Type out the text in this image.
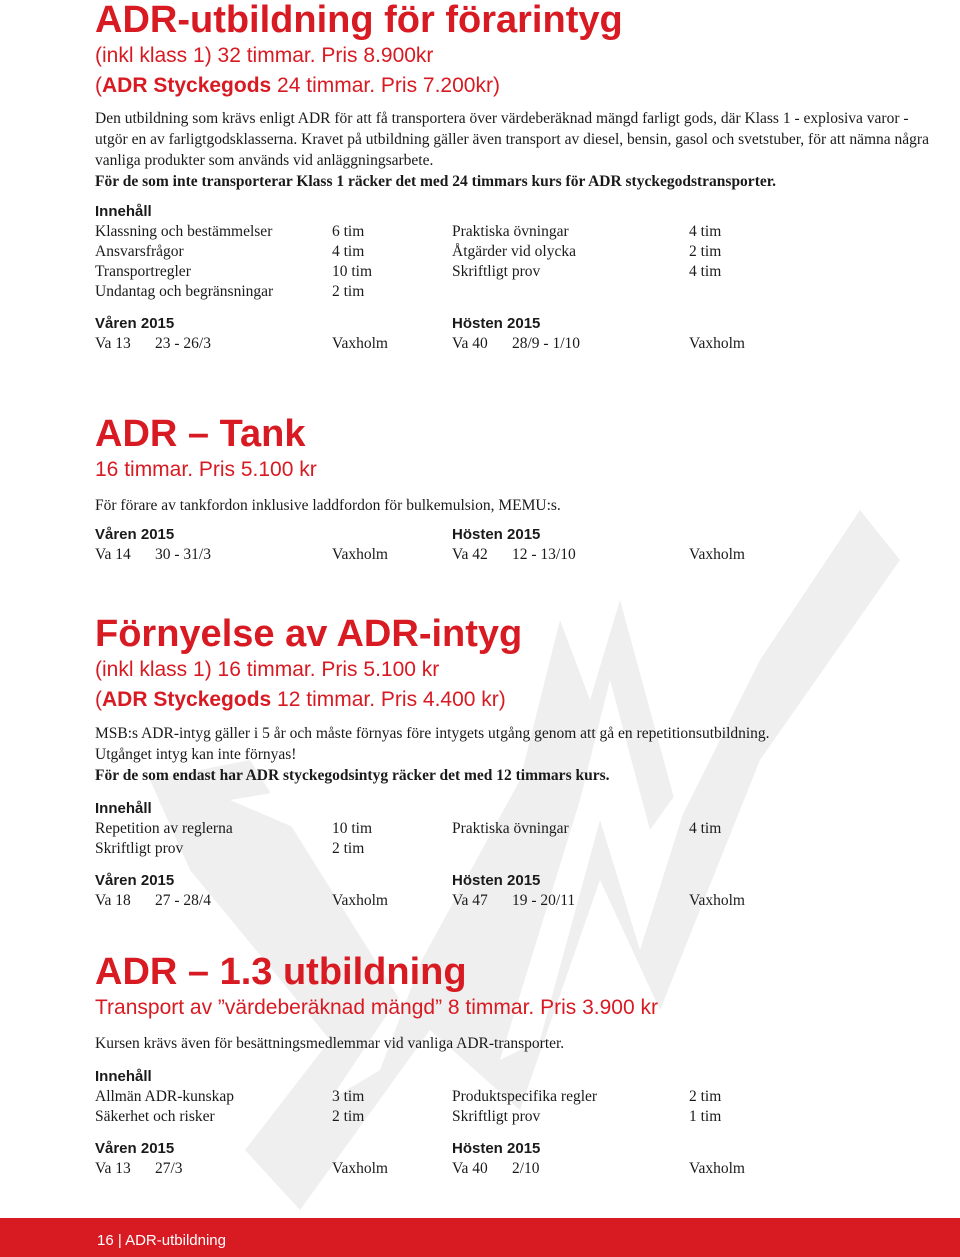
ADR-utbildning för förarintyg

(inkl klass 1) 32 timmar. Pris 8.900kr

(ADR Styckegods 24 timmar. Pris 7.200kr)

Den utbildning som krävs enligt ADR för att få transportera över värdeberäknad mängd farligt gods, där Klass 1 - explosiva varor - utgör en av farligtgodsklasserna. Kravet på utbildning gäller även transport av diesel, bensin, gasol och svetstuber, för att nämna några vanliga produkter som används vid anläggningsarbete.

För de som inte transporterar Klass 1 räcker det med 24 timmars kurs för ADR styckegodstransporter.

Innehåll

Klassning och bestämmelser	6 tim	Praktiska övningar	4 tim
Ansvarsfrågor	4 tim	Åtgärder vid olycka	2 tim
Transportregler	10 tim	Skriftligt prov	4 tim
Undantag och begränsningar	2 tim
Våren 2015	Hösten 2015
Va 13	23 - 26/3	Vaxholm	Va 40	28/9 - 1/10	Vaxholm
ADR – Tank

16 timmar. Pris 5.100 kr

För förare av tankfordon inklusive laddfordon för bulkemulsion, MEMU:s.

Våren 2015	Hösten 2015
Va 14	30 - 31/3	Vaxholm	Va 42	12 - 13/10	Vaxholm
Förnyelse av ADR-intyg

(inkl klass 1) 16 timmar. Pris 5.100 kr

(ADR Styckegods 12 timmar. Pris 4.400 kr)

MSB:s ADR-intyg gäller i 5 år och måste förnyas före intygets utgång genom att gå en repetitionsutbildning.

Utgånget intyg kan inte förnyas!

För de som endast har ADR styckegodsintyg räcker det med 12 timmars kurs.

Innehåll

Repetition av reglerna	10 tim	Praktiska övningar	4 tim
Skriftligt prov	2 tim
Våren 2015	Hösten 2015
Va 18	27 - 28/4	Vaxholm	Va 47	19 - 20/11	Vaxholm
ADR – 1.3 utbildning

Transport av ”värdeberäknad mängd” 8 timmar. Pris 3.900 kr

Kursen krävs även för besättningsmedlemmar vid vanliga ADR-transporter.

Innehåll

Allmän ADR-kunskap	3 tim	Produktspecifika regler	2 tim
Säkerhet och risker	2 tim	Skriftligt prov	1 tim
Våren 2015	Hösten 2015
Va 13	27/3	Vaxholm	Va 40	2/10	Vaxholm
16 | ADR-utbildning
